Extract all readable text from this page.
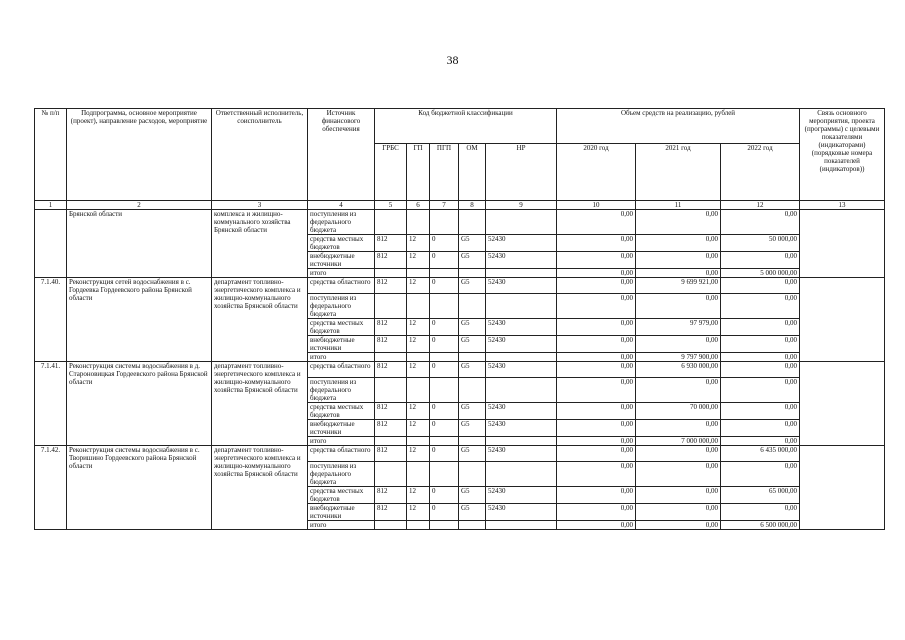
38
№ п/п	Подпрограмма, основное мероприятие (проект), направление расходов, мероприятие	Ответственный исполнитель, соисполнитель	Источник финансового обеспечения	Код бюджетной классификации					Объем средств на реализацию, рублей			Связь основного мероприятия, проекта (программы) с целевыми показателями (индикаторами) (порядковые номера показателей (индикаторов))
				ГРБС	ГП	ПГП	ОМ	НР	2020 год	2021 год	2022 год	
1	2	3	4	5	6	7	8	9	10	11	12	13
	Брянской области	комплекса и жилищно-коммунального хозяйства Брянской области	поступления из федерального бюджета						0,00	0,00	0,00	
			средства местных бюджетов	812	12	0	G5	52430	0,00	0,00	50 000,00	
			внебюджетные источники	812	12	0	G5	52430	0,00	0,00	0,00	
			итого						0,00	0,00	5 000 000,00	
7.1.40.	Реконструкция сетей водоснабжения в с. Гордеевка Гордеевского района Брянской области	департамент топливно-энергетического комплекса и жилищно-коммунального хозяйства Брянской области	средства областного	812	12	0	G5	52430	0,00	9 699 921,00	0,00	
			поступления из федерального бюджета						0,00	0,00	0,00	
			средства местных бюджетов	812	12	0	G5	52430	0,00	97 979,00	0,00	
			внебюджетные источники	812	12	0	G5	52430	0,00	0,00	0,00	
			итого						0,00	9 797 900,00	0,00	
7.1.41.	Реконструкция системы водоснабжения в д. Староновицкая Гордеевского района Брянской области	департамент топливно-энергетического комплекса и жилищно-коммунального хозяйства Брянской области	средства областного	812	12	0	G5	52430	0,00	6 930 000,00	0,00	
			поступления из федерального бюджета						0,00	0,00	0,00	
			средства местных бюджетов	812	12	0	G5	52430	0,00	70 000,00	0,00	
			внебюджетные источники	812	12	0	G5	52430	0,00	0,00	0,00	
			итого						0,00	7 000 000,00	0,00	
7.1.42.	Реконструкция системы водоснабжения в с. Творишино Гордеевского района Брянской области	департамент топливно-энергетического комплекса и жилищно-коммунального хозяйства Брянской области	средства областного	812	12	0	G5	52430	0,00	0,00	6 435 000,00	
			поступления из федерального бюджета						0,00	0,00	0,00	
			средства местных бюджетов	812	12	0	G5	52430	0,00	0,00	65 000,00	
			внебюджетные источники	812	12	0	G5	52430	0,00	0,00	0,00	
			итого						0,00	0,00	6 500 000,00	
